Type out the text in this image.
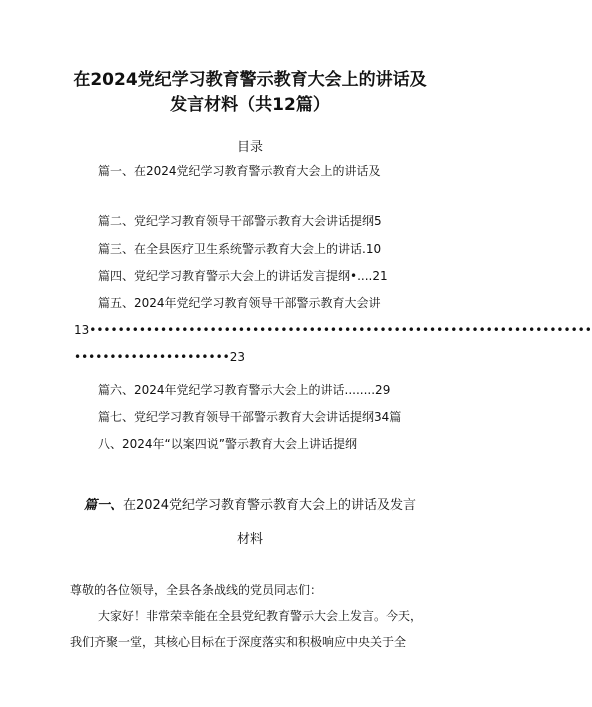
在2024党纪学习教育警示教育大会上的讲话及
发言材料（共12篇）
目录
篇一、在2024党纪学习教育警示教育大会上的讲话及
篇二、党纪学习教育领导干部警示教育大会讲话提纲5
篇三、在全县医疗卫生系统警示教育大会上的讲话.10
篇四、党纪学习教育警示大会上的讲话发言提纲•....21
篇五、2024年党纪学习教育领导干部警示教育大会讲
13•••••••••••••••••••••••••••••••••••••••••••••••••••••••••••••••••••••••
••••••••••••••••••••••23
篇六、2024年党纪学习教育警示大会上的讲话........29
篇七、党纪学习教育领导干部警示教育大会讲话提纲34篇
八、2024年“以案四说”警示教育大会上讲话提纲
篇一、在2024党纪学习教育警示教育大会上的讲话及发言
材料
尊敬的各位领导，全县各条战线的党员同志们：
大家好！非常荣幸能在全县党纪教育警示大会上发言。今天，
我们齐聚一堂，其核心目标在于深度落实和积极响应中央关于全
